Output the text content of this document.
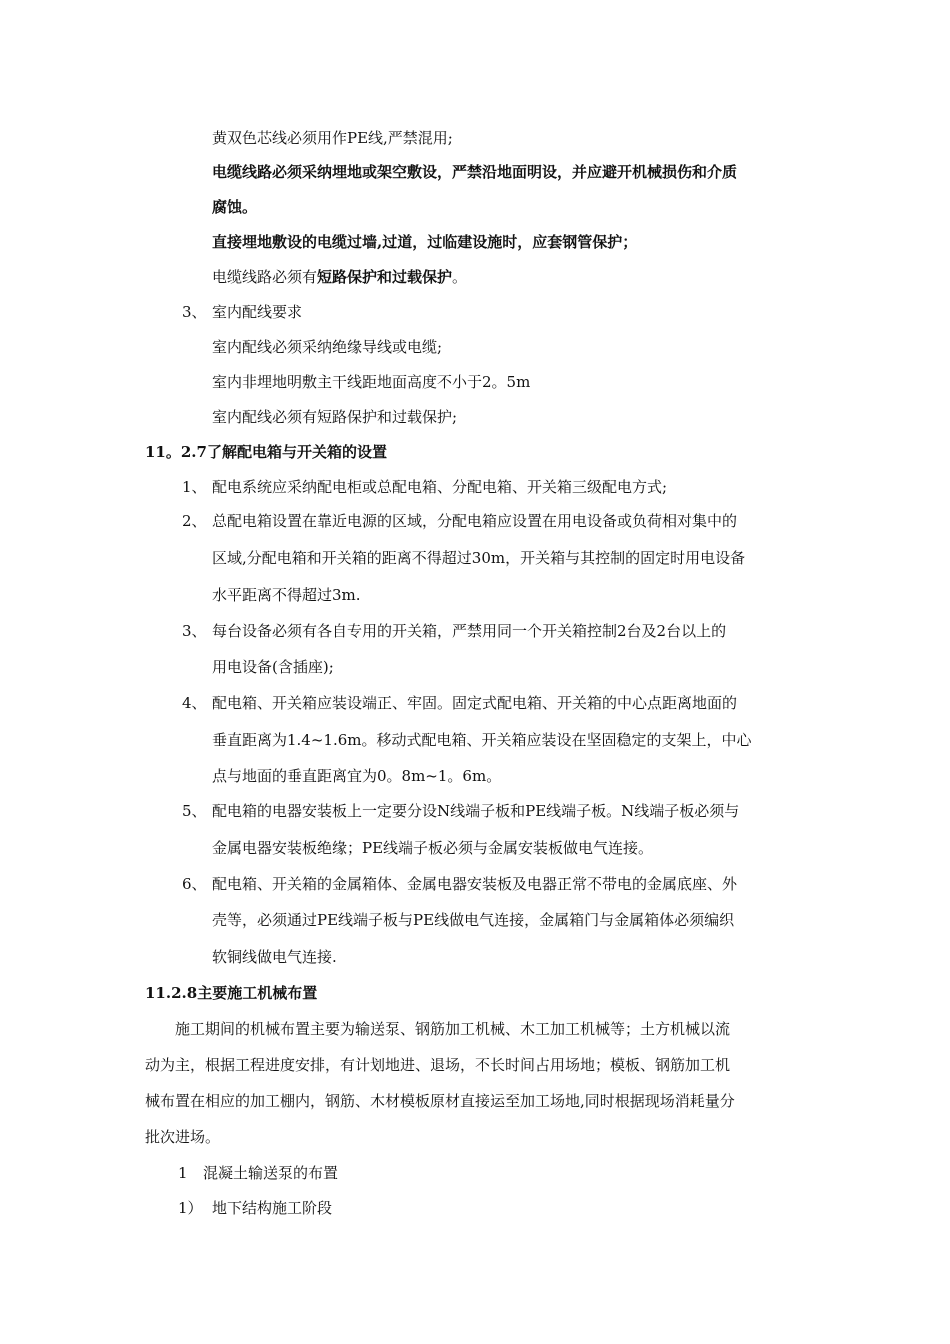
黄双色芯线必须用作PE线,严禁混用;
电缆线路必须采纳埋地或架空敷设，严禁沿地面明设，并应避开机械损伤和介质
腐蚀。
直接埋地敷设的电缆过墙,过道，过临建设施时，应套钢管保护；
电缆线路必须有短路保护和过载保护。
3、 室内配线要求
室内配线必须采纳绝缘导线或电缆;
室内非埋地明敷主干线距地面高度不小于2。5m
室内配线必须有短路保护和过载保护;
11。2.7了解配电箱与开关箱的设置
1、 配电系统应采纳配电柜或总配电箱、分配电箱、开关箱三级配电方式;
2、 总配电箱设置在靠近电源的区域，分配电箱应设置在用电设备或负荷相对集中的
区域,分配电箱和开关箱的距离不得超过30m，开关箱与其控制的固定时用电设备
水平距离不得超过3m.
3、 每台设备必须有各自专用的开关箱，严禁用同一个开关箱控制2台及2台以上的
用电设备(含插座);
4、 配电箱、开关箱应装设端正、牢固。固定式配电箱、开关箱的中心点距离地面的
垂直距离为1.4~1.6m。移动式配电箱、开关箱应装设在坚固稳定的支架上，中心
点与地面的垂直距离宜为0。8m~1。6m。
5、 配电箱的电器安装板上一定要分设N线端子板和PE线端子板。N线端子板必须与
金属电器安装板绝缘；PE线端子板必须与金属安装板做电气连接。
6、 配电箱、开关箱的金属箱体、金属电器安装板及电器正常不带电的金属底座、外
壳等，必须通过PE线端子板与PE线做电气连接，金属箱门与金属箱体必须编织
软铜线做电气连接.
11.2.8主要施工机械布置
施工期间的机械布置主要为输送泵、钢筋加工机械、木工加工机械等；土方机械以流
动为主，根据工程进度安排，有计划地进、退场，不长时间占用场地；模板、钢筋加工机
械布置在相应的加工棚内，钢筋、木材模板原材直接运至加工场地,同时根据现场消耗量分
批次进场。
1 混凝土输送泵的布置
1） 地下结构施工阶段
